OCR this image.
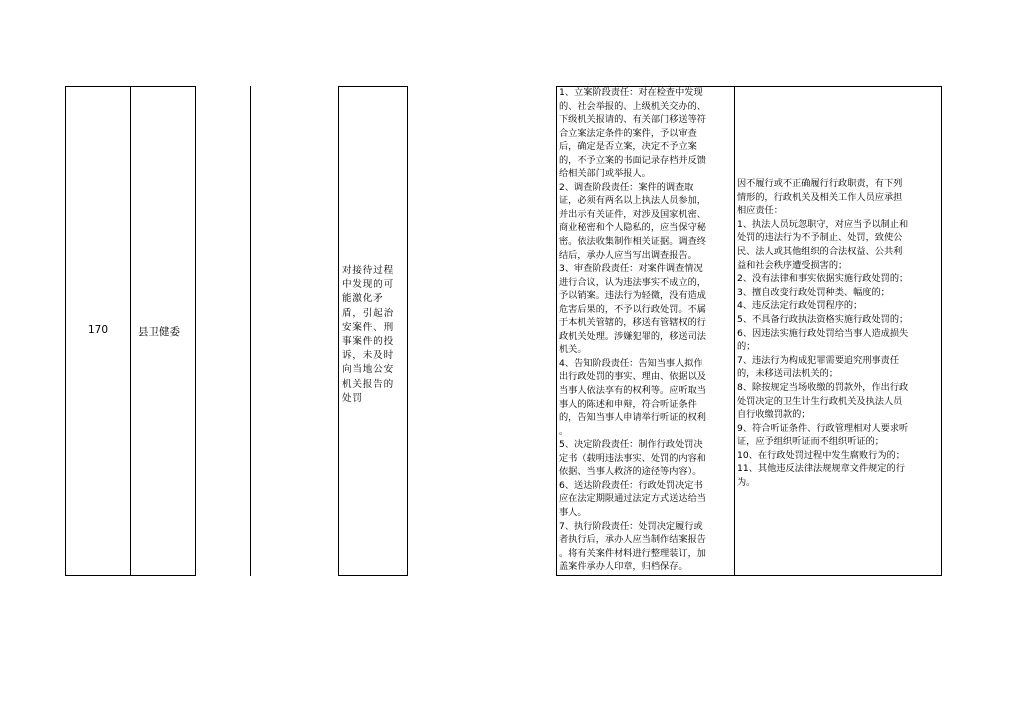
170	县卫健委
对接待过程
中发现的可
能激化矛
盾，引起治
安案件、刑
事案件的投
诉，未及时
向当地公安
机关报告的
处罚
1、立案阶段责任：对在检查中发现
的、社会举报的、上级机关交办的、
下级机关报请的、有关部门移送等符
合立案法定条件的案件，予以审查
后，确定是否立案，决定不予立案
的，不予立案的书面记录存档并反馈
给相关部门或举报人。
2、调查阶段责任：案件的调查取
证，必须有两名以上执法人员参加，
并出示有关证件，对涉及国家机密、
商业秘密和个人隐私的，应当保守秘
密。依法收集制作相关证据。调查终
结后，承办人应当写出调查报告。
3、审查阶段责任：对案件调查情况
进行合议，认为违法事实不成立的，
予以销案。违法行为轻微，没有造成
危害后果的，不予以行政处罚。不属
于本机关管辖的，移送有管辖权的行
政机关处理。涉嫌犯罪的，移送司法
机关。
4、告知阶段责任：告知当事人拟作
出行政处罚的事实、理由、依据以及
当事人依法享有的权利等。应听取当
事人的陈述和申辩，符合听证条件
的，告知当事人申请举行听证的权利
。
5、决定阶段责任：制作行政处罚决
定书（载明违法事实、处罚的内容和
依据、当事人救济的途径等内容）。
6、送达阶段责任：行政处罚决定书
应在法定期限通过法定方式送达给当
事人。
7、执行阶段责任：处罚决定履行或
者执行后，承办人应当制作结案报告
。将有关案件材料进行整理装订，加
盖案件承办人印章，归档保存。
因不履行或不正确履行行政职责，有下列
情形的，行政机关及相关工作人员应承担
相应责任：
1、执法人员玩忽职守，对应当予以制止和
处罚的违法行为不予制止、处罚，致使公
民、法人或其他组织的合法权益、公共利
益和社会秩序遭受损害的；
2、没有法律和事实依据实施行政处罚的；
3、擅自改变行政处罚种类、幅度的；
4、违反法定行政处罚程序的；
5、不具备行政执法资格实施行政处罚的；
6、因违法实施行政处罚给当事人造成损失
的；
7、违法行为构成犯罪需要追究刑事责任
的，未移送司法机关的；
8、除按规定当场收缴的罚款外，作出行政
处罚决定的卫生计生行政机关及执法人员
自行收缴罚款的；
9、符合听证条件、行政管理相对人要求听
证，应予组织听证而不组织听证的；
10、在行政处罚过程中发生腐败行为的；
11、其他违反法律法规规章文件规定的行
为。
